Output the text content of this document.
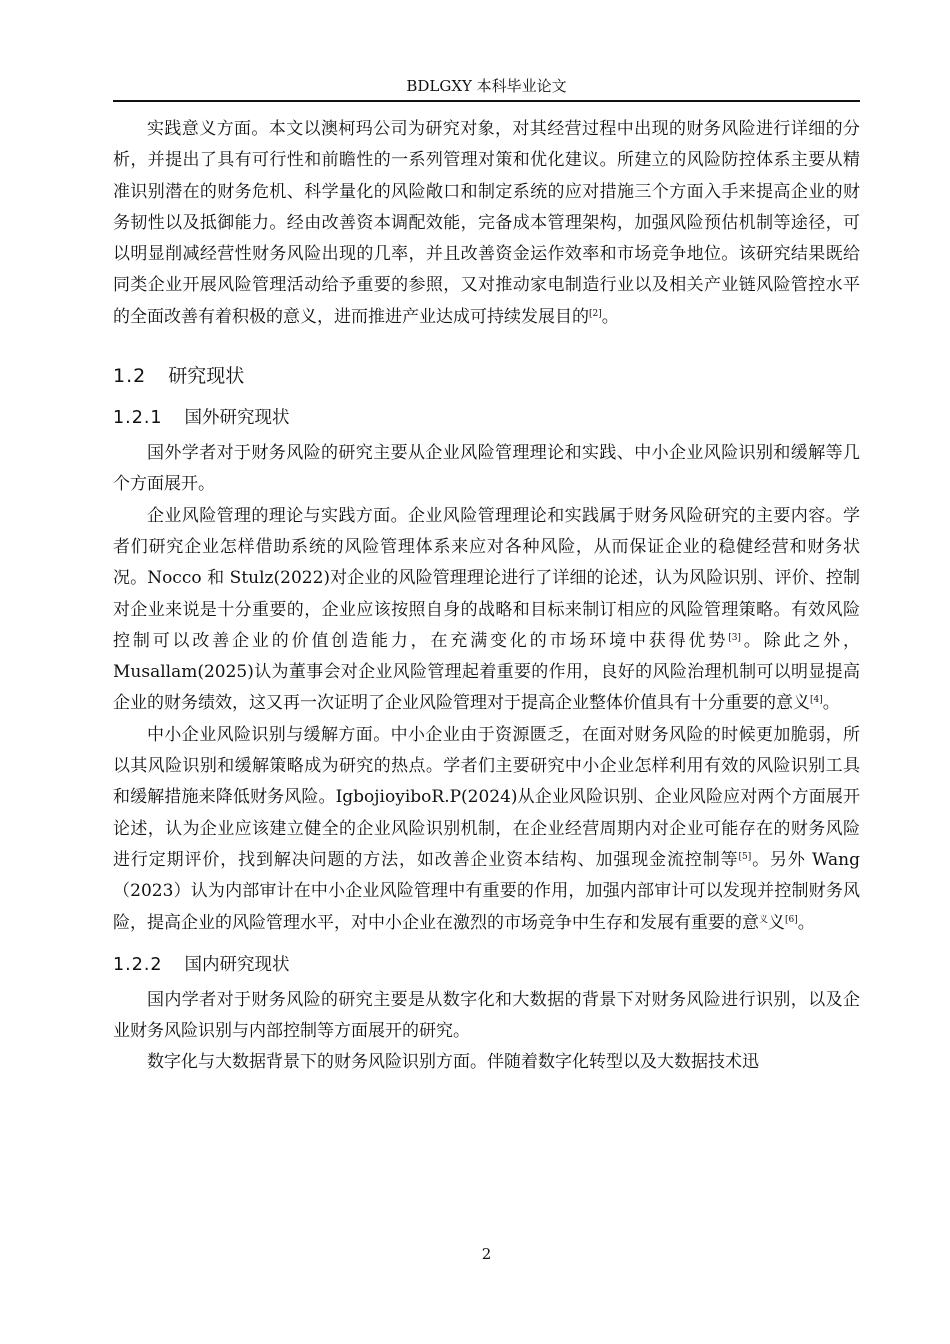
BDLGXY 本科毕业论文

实践意义方面。本文以澳柯玛公司为研究对象，对其经营过程中出现的财务风险进行详细的分析，并提出了具有可行性和前瞻性的一系列管理对策和优化建议。所建立的风险防控体系主要从精准识别潜在的财务危机、科学量化的风险敞口和制定系统的应对措施三个方面入手来提高企业的财务韧性以及抵御能力。经由改善资本调配效能，完备成本管理架构，加强风险预估机制等途径，可以明显削减经营性财务风险出现的几率，并且改善资金运作效率和市场竞争地位。该研究结果既给同类企业开展风险管理活动给予重要的参照，又对推动家电制造行业以及相关产业链风险管控水平的全面改善有着积极的意义，进而推进产业达成可持续发展目的[2]。

1.2 研究现状
1.2.1 国外研究现状

国外学者对于财务风险的研究主要从企业风险管理理论和实践、中小企业风险识别和缓解等几个方面展开。

企业风险管理的理论与实践方面。企业风险管理理论和实践属于财务风险研究的主要内容。学者们研究企业怎样借助系统的风险管理体系来应对各种风险，从而保证企业的稳健经营和财务状况。Nocco 和 Stulz(2022)对企业的风险管理理论进行了详细的论述，认为风险识别、评价、控制对企业来说是十分重要的，企业应该按照自身的战略和目标来制订相应的风险管理策略。有效风险控制可以改善企业的价值创造能力，在充满变化的市场环境中获得优势[3]。除此之外，Musallam(2025)认为董事会对企业风险管理起着重要的作用，良好的风险治理机制可以明显提高企业的财务绩效，这又再一次证明了企业风险管理对于提高企业整体价值具有十分重要的意义[4]。

中小企业风险识别与缓解方面。中小企业由于资源匮乏，在面对财务风险的时候更加脆弱，所以其风险识别和缓解策略成为研究的热点。学者们主要研究中小企业怎样利用有效的风险识别工具和缓解措施来降低财务风险。IgbojioyiboR.P(2024)从企业风险识别、企业风险应对两个方面展开论述，认为企业应该建立健全的企业风险识别机制，在企业经营周期内对企业可能存在的财务风险进行定期评价，找到解决问题的方法，如改善企业资本结构、加强现金流控制等[5]。另外 Wang（2023）认为内部审计在中小企业风险管理中有重要的作用，加强内部审计可以发现并控制财务风险，提高企业的风险管理水平，对中小企业在激烈的市场竞争中生存和发展有重要的意$^义$义[6]。

1.2.2 国内研究现状

国内学者对于财务风险的研究主要是从数字化和大数据的背景下对财务风险进行识别，以及企业财务风险识别与内部控制等方面展开的研究。

数字化与大数据背景下的财务风险识别方面。伴随着数字化转型以及大数据技术迅

2
